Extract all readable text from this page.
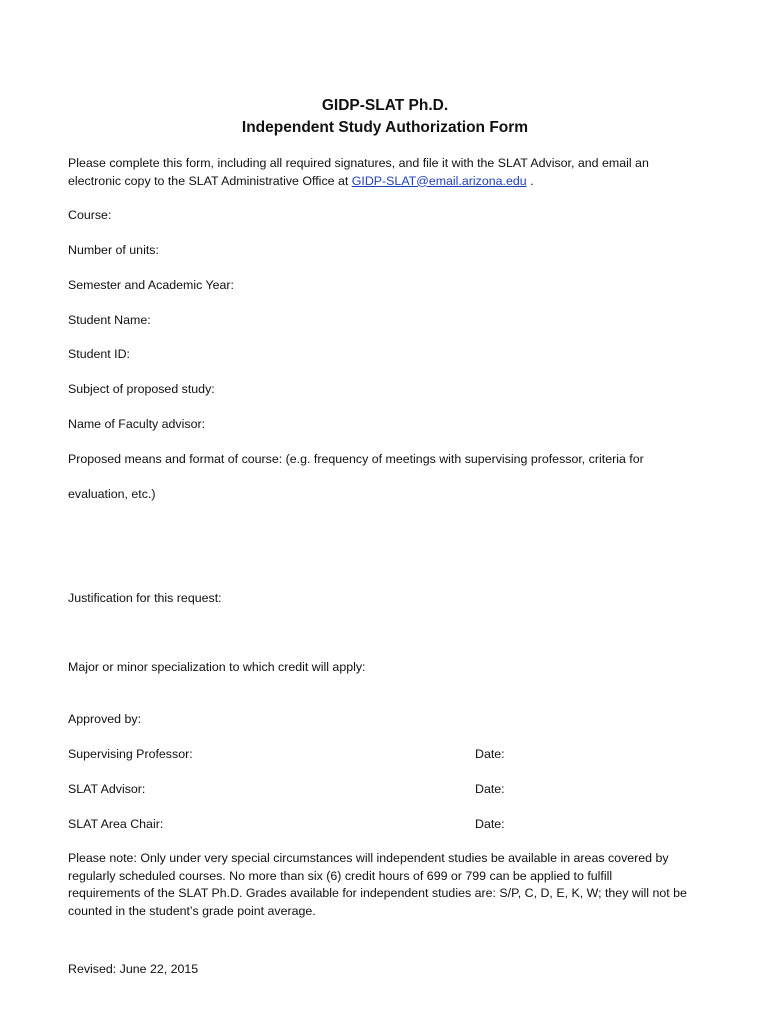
GIDP-SLAT Ph.D.
Independent Study Authorization Form
Please complete this form, including all required signatures, and file it with the SLAT Advisor, and email an
electronic copy to the SLAT Administrative Office at GIDP-SLAT@email.arizona.edu .
Course:
Number of units:
Semester and Academic Year:
Student Name:
Student ID:
Subject of proposed study:
Name of Faculty advisor:
Proposed means and format of course: (e.g. frequency of meetings with supervising professor, criteria for
evaluation, etc.)
Justification for this request:
Major or minor specialization to which credit will apply:
Approved by:
Supervising Professor:	Date:
SLAT Advisor:	Date:
SLAT Area Chair:	Date:
Please note: Only under very special circumstances will independent studies be available in areas covered by
regularly scheduled courses. No more than six (6) credit hours of 699 or 799 can be applied to fulfill
requirements of the SLAT Ph.D. Grades available for independent studies are: S/P, C, D, E, K, W; they will not be
counted in the student’s grade point average.
Revised: June 22, 2015
